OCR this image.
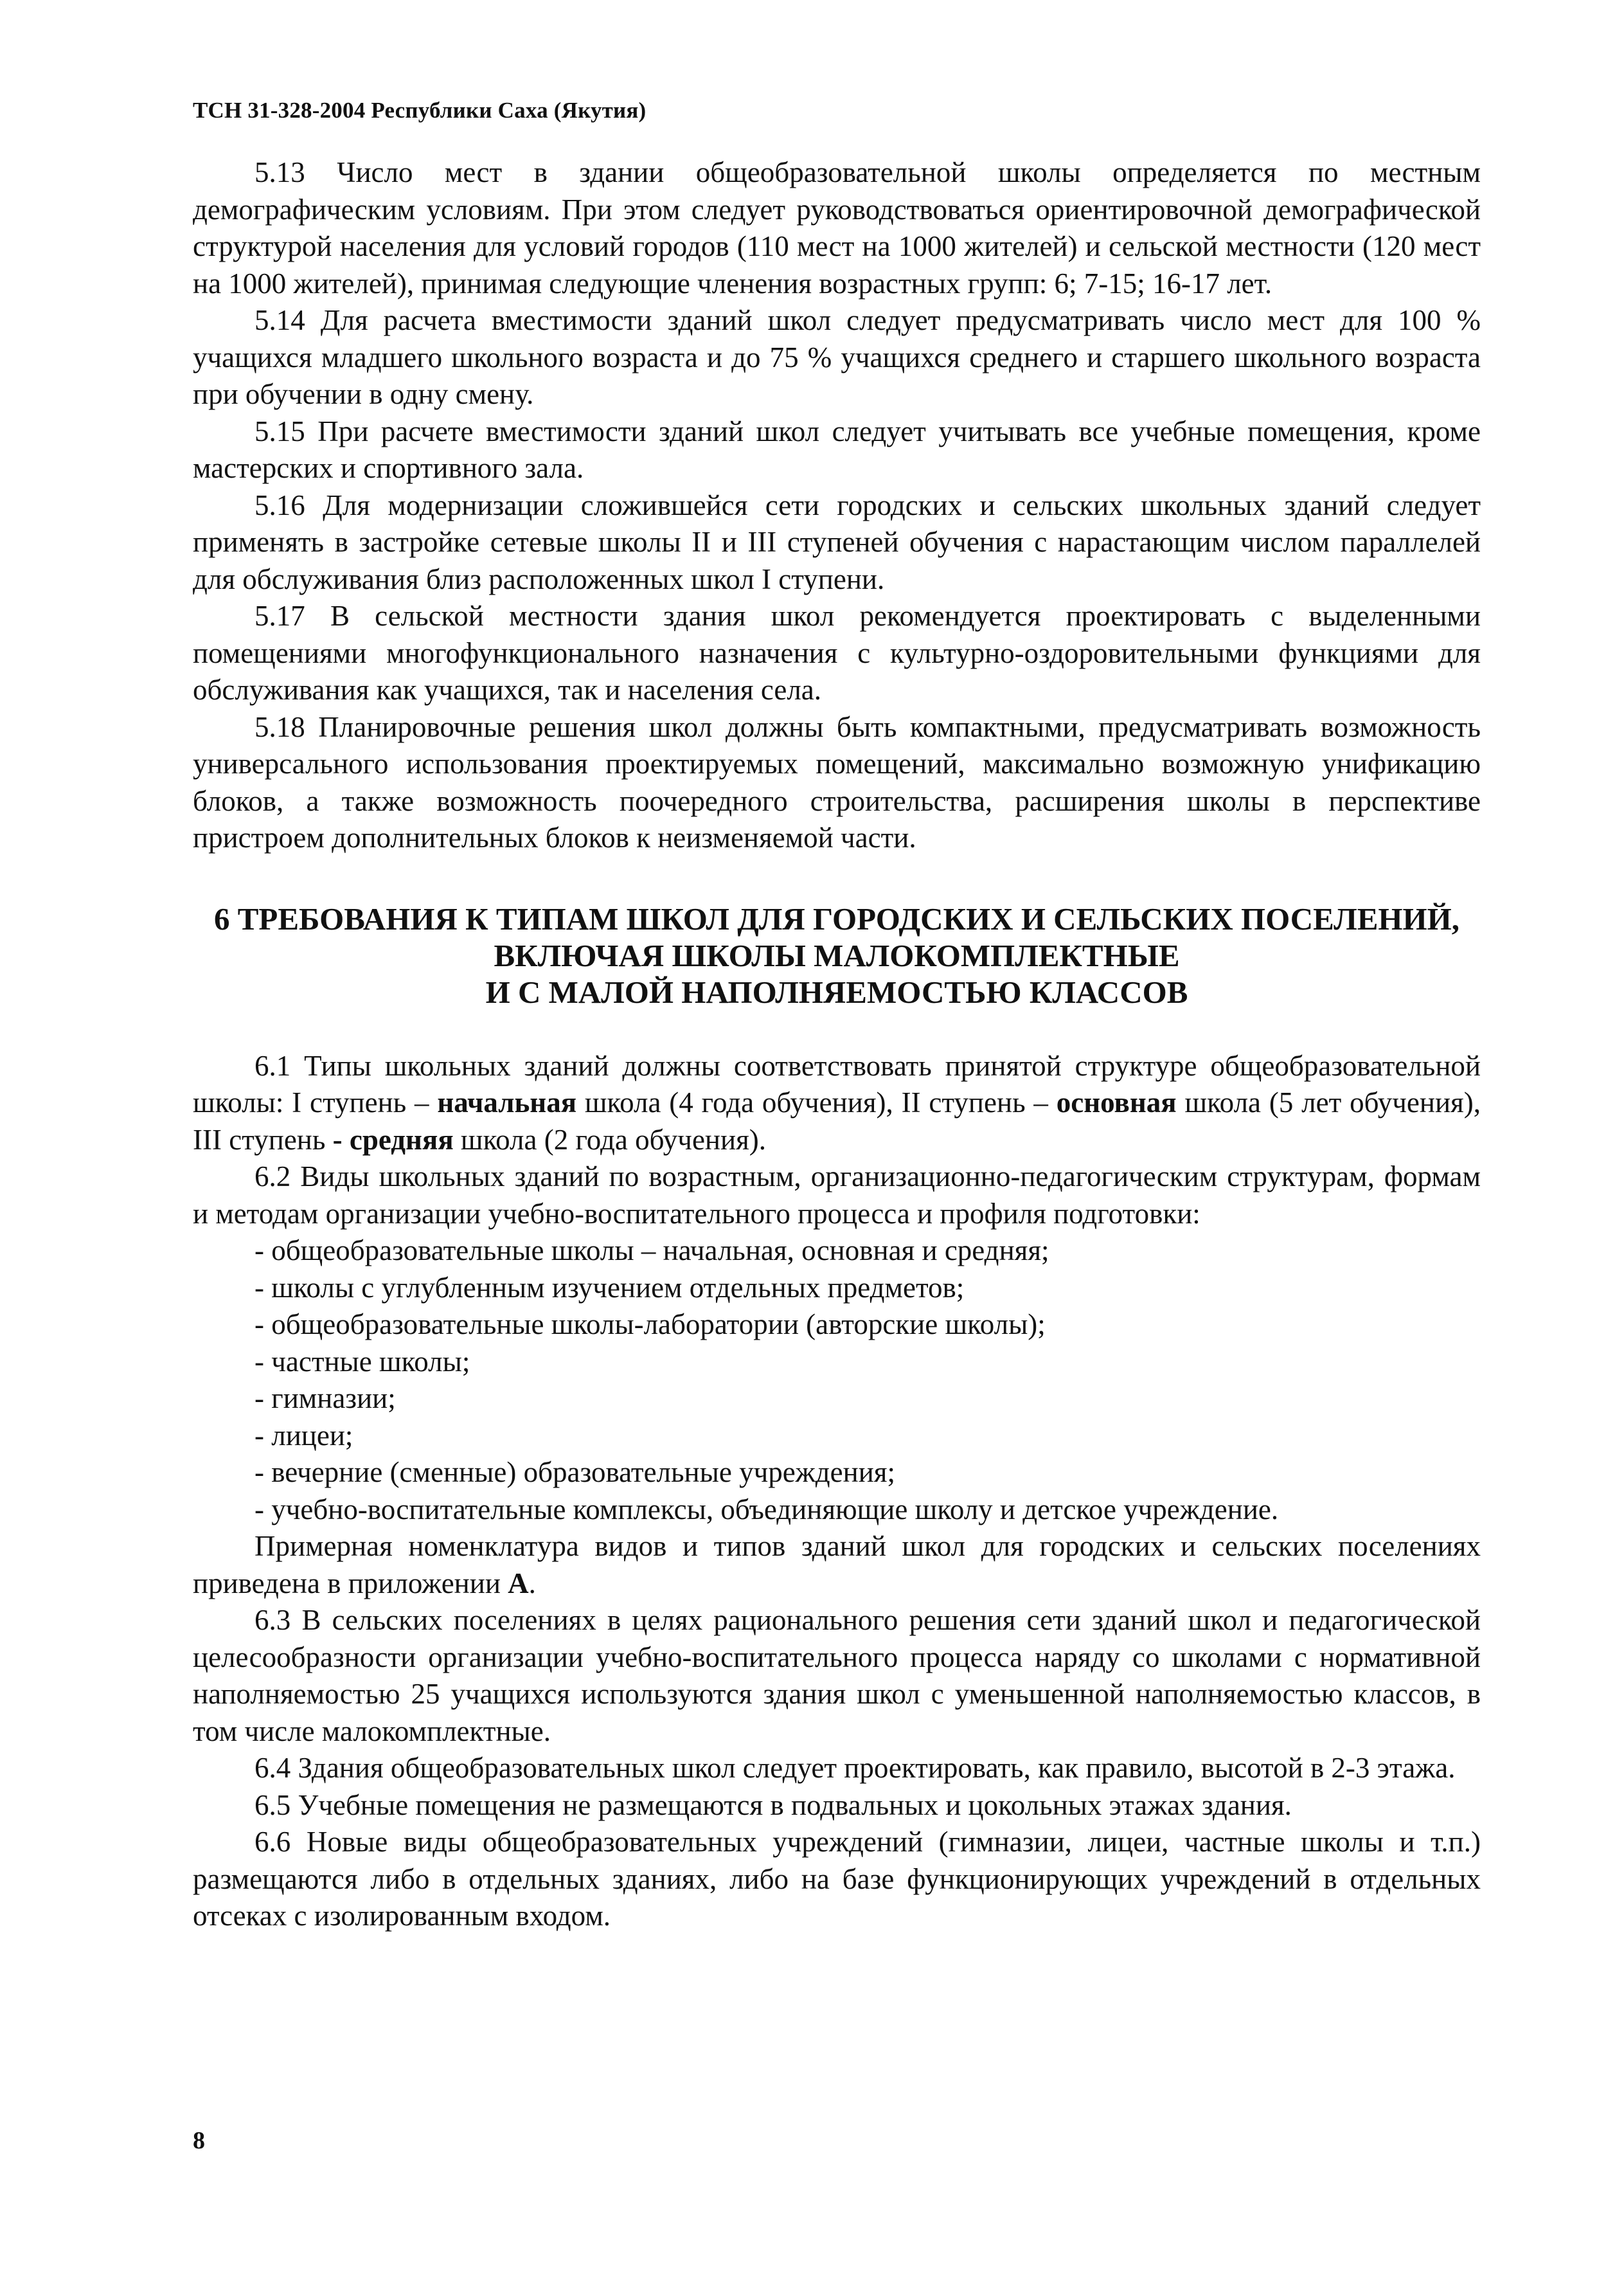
ТСН 31-328-2004 Республики Саха (Якутия)

5.13 Число мест в здании общеобразовательной школы определяется по местным демографическим условиям. При этом следует руководствоваться ориентировочной демографической структурой населения для условий городов (110 мест на 1000 жителей) и сельской местности (120 мест на 1000 жителей), принимая следующие членения возрастных групп: 6; 7-15; 16-17 лет.

5.14 Для расчета вместимости зданий школ следует предусматривать число мест для 100 % учащихся младшего школьного возраста и до 75 % учащихся среднего и старшего школьного возраста при обучении в одну смену.

5.15 При расчете вместимости зданий школ следует учитывать все учебные помещения, кроме мастерских и спортивного зала.

5.16 Для модернизации сложившейся сети городских и сельских школьных зданий следует применять в застройке сетевые школы II и III ступеней обучения с нарастающим числом параллелей для обслуживания близ расположенных школ I ступени.

5.17 В сельской местности здания школ рекомендуется проектировать с выделенными помещениями многофункционального назначения с культурно-оздоровительными функциями для обслуживания как учащихся, так и населения села.

5.18 Планировочные решения школ должны быть компактными, предусматривать возможность универсального использования проектируемых помещений, максимально возможную унификацию блоков, а также возможность поочередного строительства, расширения школы в перспективе пристроем дополнительных блоков к неизменяемой части.

6 ТРЕБОВАНИЯ К ТИПАМ ШКОЛ ДЛЯ ГОРОДСКИХ И СЕЛЬСКИХ ПОСЕЛЕНИЙ,
ВКЛЮЧАЯ ШКОЛЫ МАЛОКОМПЛЕКТНЫЕ
И С МАЛОЙ НАПОЛНЯЕМОСТЬЮ КЛАССОВ

6.1 Типы школьных зданий должны соответствовать принятой структуре общеобразовательной школы: I ступень – начальная школа (4 года обучения), II ступень – основная школа (5 лет обучения), III ступень - средняя школа (2 года обучения).

6.2 Виды школьных зданий по возрастным, организационно-педагогическим структурам, формам и методам организации учебно-воспитательного процесса и профиля подготовки:

- общеобразовательные школы – начальная, основная и средняя;

- школы с углубленным изучением отдельных предметов;

- общеобразовательные школы-лаборатории (авторские школы);

- частные школы;

- гимназии;

- лицеи;

- вечерние (сменные) образовательные учреждения;

- учебно-воспитательные комплексы, объединяющие школу и детское учреждение.

Примерная номенклатура видов и типов зданий школ для городских и сельских поселениях приведена в приложении А.

6.3 В сельских поселениях в целях рационального решения сети зданий школ и педагогической целесообразности организации учебно-воспитательного процесса наряду со школами с нормативной наполняемостью 25 учащихся используются здания школ с уменьшенной наполняемостью классов, в том числе малокомплектные.

6.4 Здания общеобразовательных школ следует проектировать, как правило, высотой в 2-3 этажа.

6.5 Учебные помещения не размещаются в подвальных и цокольных этажах здания.

6.6 Новые виды общеобразовательных учреждений (гимназии, лицеи, частные школы и т.п.) размещаются либо в отдельных зданиях, либо на базе функционирующих учреждений в отдельных отсеках с изолированным входом.

8
